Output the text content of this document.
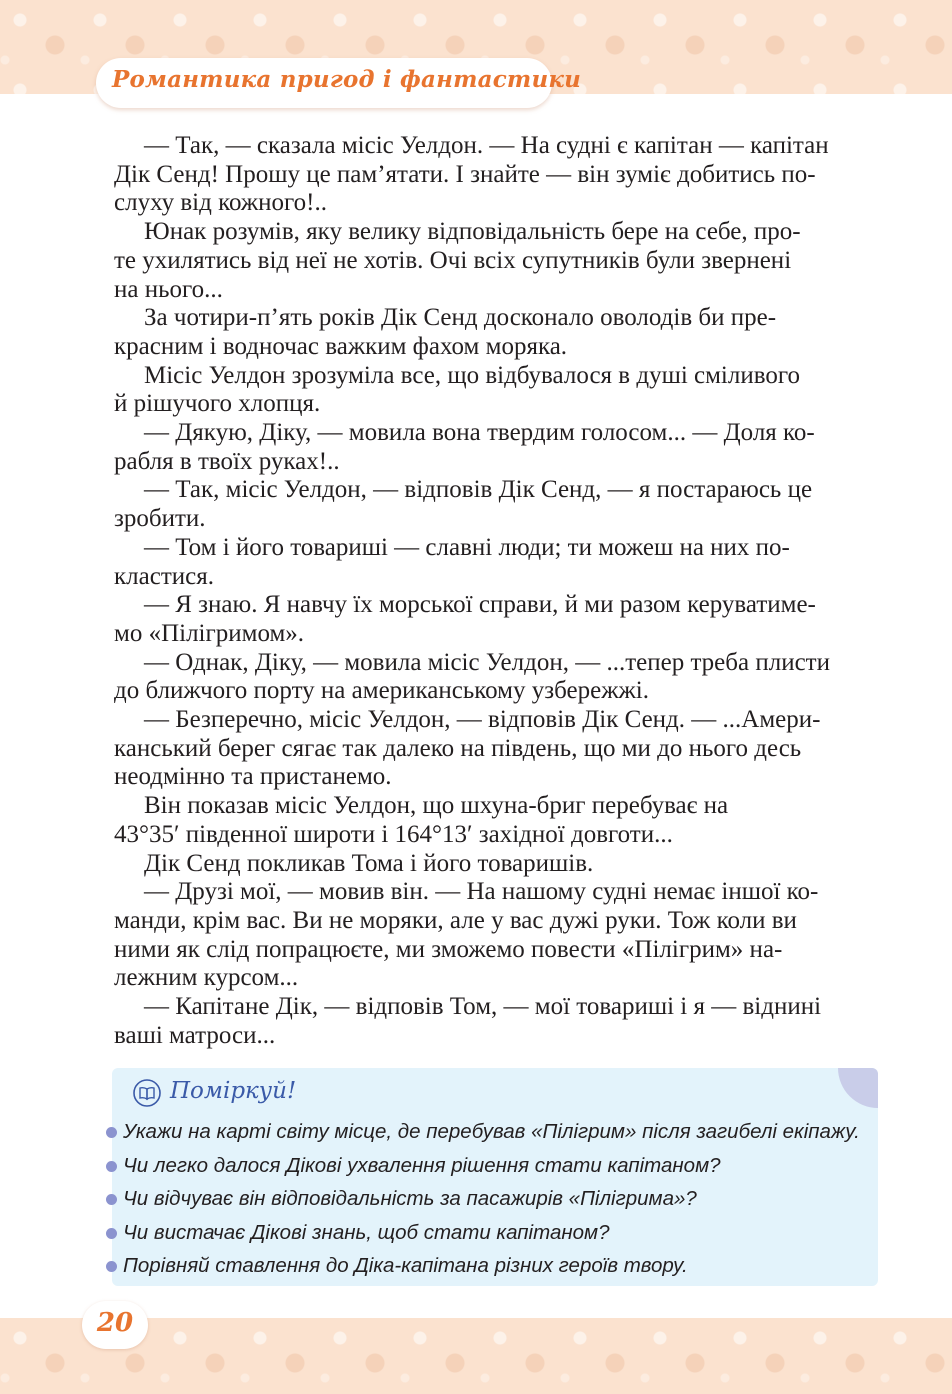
Романтика пригод і фантастики

— Так, — сказала місіс Уелдон. — На судні є капітан — капітан
Дік Сенд! Прошу це пам’ятати. І знайте — він зуміє добитись по-
слуху від кожного!..

Юнак розумів, яку велику відповідальність бере на себе, про-
те ухилятись від неї не хотів. Очі всіх супутників були звернені
на нього...

За чотири-п’ять років Дік Сенд досконало оволодів би пре-
красним і водночас важким фахом моряка.

Місіс Уелдон зрозуміла все, що відбувалося в душі сміливого
й рішучого хлопця.

— Дякую, Діку, — мовила вона твердим голосом... — Доля ко-
рабля в твоїх руках!..

— Так, місіс Уелдон, — відповів Дік Сенд, — я постараюсь це
зробити.

— Том і його товариші — славні люди; ти можеш на них по-
кластися.

— Я знаю. Я навчу їх морської справи, й ми разом керуватиме-
мо «Пілігримом».

— Однак, Діку, — мовила місіс Уелдон, — ...тепер треба плисти
до ближчого порту на американському узбережжі.

— Безперечно, місіс Уелдон, — відповів Дік Сенд. — ...Амери-
канський берег сягає так далеко на південь, що ми до нього десь
неодмінно та пристанемо.

Він показав місіс Уелдон, що шхуна-бриг перебуває на
43°35′ південної широти і 164°13′ західної довготи...

Дік Сенд покликав Тома і його товаришів.

— Друзі мої, — мовив він. — На нашому судні немає іншої ко-
манди, крім вас. Ви не моряки, але у вас дужі руки. Тож коли ви
ними як слід попрацюєте, ми зможемо повести «Пілігрим» на-
лежним курсом...

— Капітане Дік, — відповів Том, — мої товариші і я — віднині
ваші матроси...

Поміркуй!
Укажи на карті світу місце, де перебував «Пілігрим» після загибелі екіпажу.
Чи легко далося Дікові ухвалення рішення стати капітаном?
Чи відчуває він відповідальність за пасажирів «Пілігрима»?
Чи вистачає Дікові знань, щоб стати капітаном?
Порівняй ставлення до Діка-капітана різних героїв твору.
20
